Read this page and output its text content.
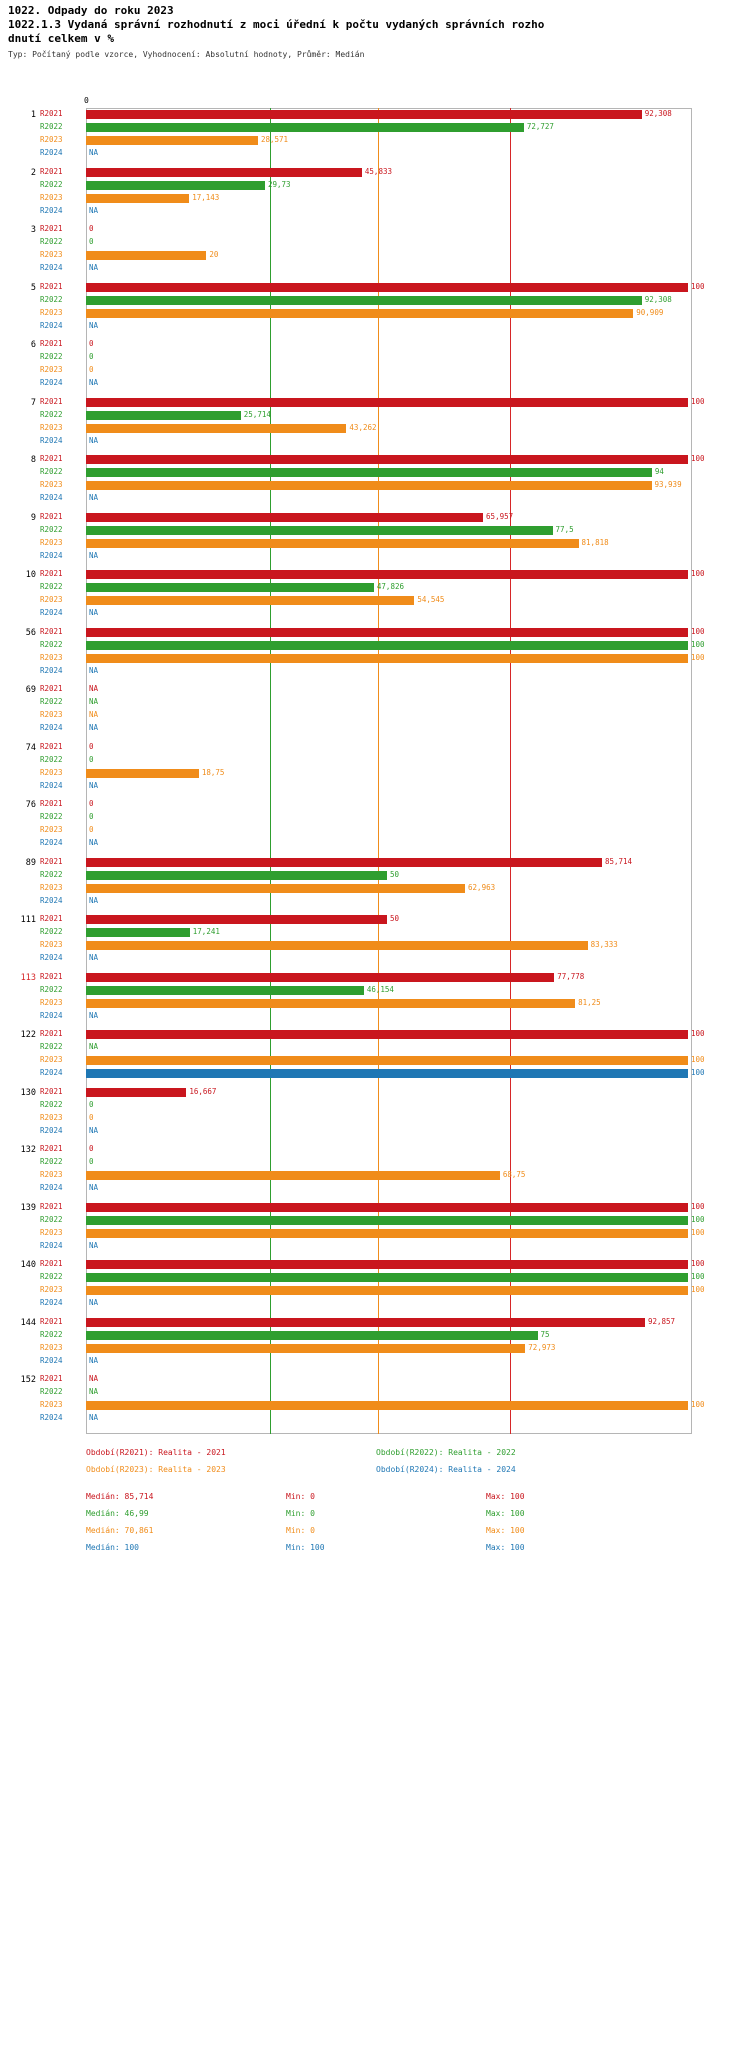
1022. Odpady do roku 2023
1022.1.3 Vydaná správní rozhodnutí z moci úřední k počtu vydaných správních rozho
dnutí celkem v %
Typ: Počítaný podle vzorce, Vyhodnocení: Absolutní hodnoty, Průměr: Medián
0
1 R2021	92,308
R2022	72,727
R2023	28,571
R2024	NA
2 R2021	45,833
R2022	29,73
R2023	17,143
R2024	NA
3 R2021	0
R2022	0
R2023	20
R2024	NA
5 R2021	100
R2022	92,308
R2023	90,909
R2024	NA
6 R2021	0
R2022	0
R2023	0
R2024	NA
7 R2021	100
R2022	25,714
R2023	43,262
R2024	NA
8 R2021	100
R2022	94
R2023	93,939
R2024	NA
9 R2021	65,957
R2022	77,5
R2023	81,818
R2024	NA
10 R2021	100
R2022	47,826
R2023	54,545
R2024	NA
56 R2021	100
R2022	100
R2023	100
R2024	NA
69 R2021	NA
R2022	NA
R2023	NA
R2024	NA
74 R2021	0
R2022	0
R2023	18,75
R2024	NA
76 R2021	0
R2022	0
R2023	0
R2024	NA
89 R2021	85,714
R2022	50
R2023	62,963
R2024	NA
111 R2021	50
R2022	17,241
R2023	83,333
R2024	NA
113 R2021	77,778
R2022	46,154
R2023	81,25
R2024	NA
122 R2021	100
R2022	NA
R2023	100
R2024	100
130 R2021	16,667
R2022	0
R2023	0
R2024	NA
132 R2021	0
R2022	0
R2023	68,75
R2024	NA
139 R2021	100
R2022	100
R2023	100
R2024	NA
140 R2021	100
R2022	100
R2023	100
R2024	NA
144 R2021	92,857
R2022	75
R2023	72,973
R2024	NA
152 R2021	NA
R2022	NA
R2023	100
R2024	NA
Období(R2021): Realita - 2021	Období(R2022): Realita - 2022
Období(R2023): Realita - 2023	Období(R2024): Realita - 2024
Medián: 85,714	Min: 0	Max: 100
Medián: 46,99	Min: 0	Max: 100
Medián: 70,861	Min: 0	Max: 100
Medián: 100	Min: 100	Max: 100
